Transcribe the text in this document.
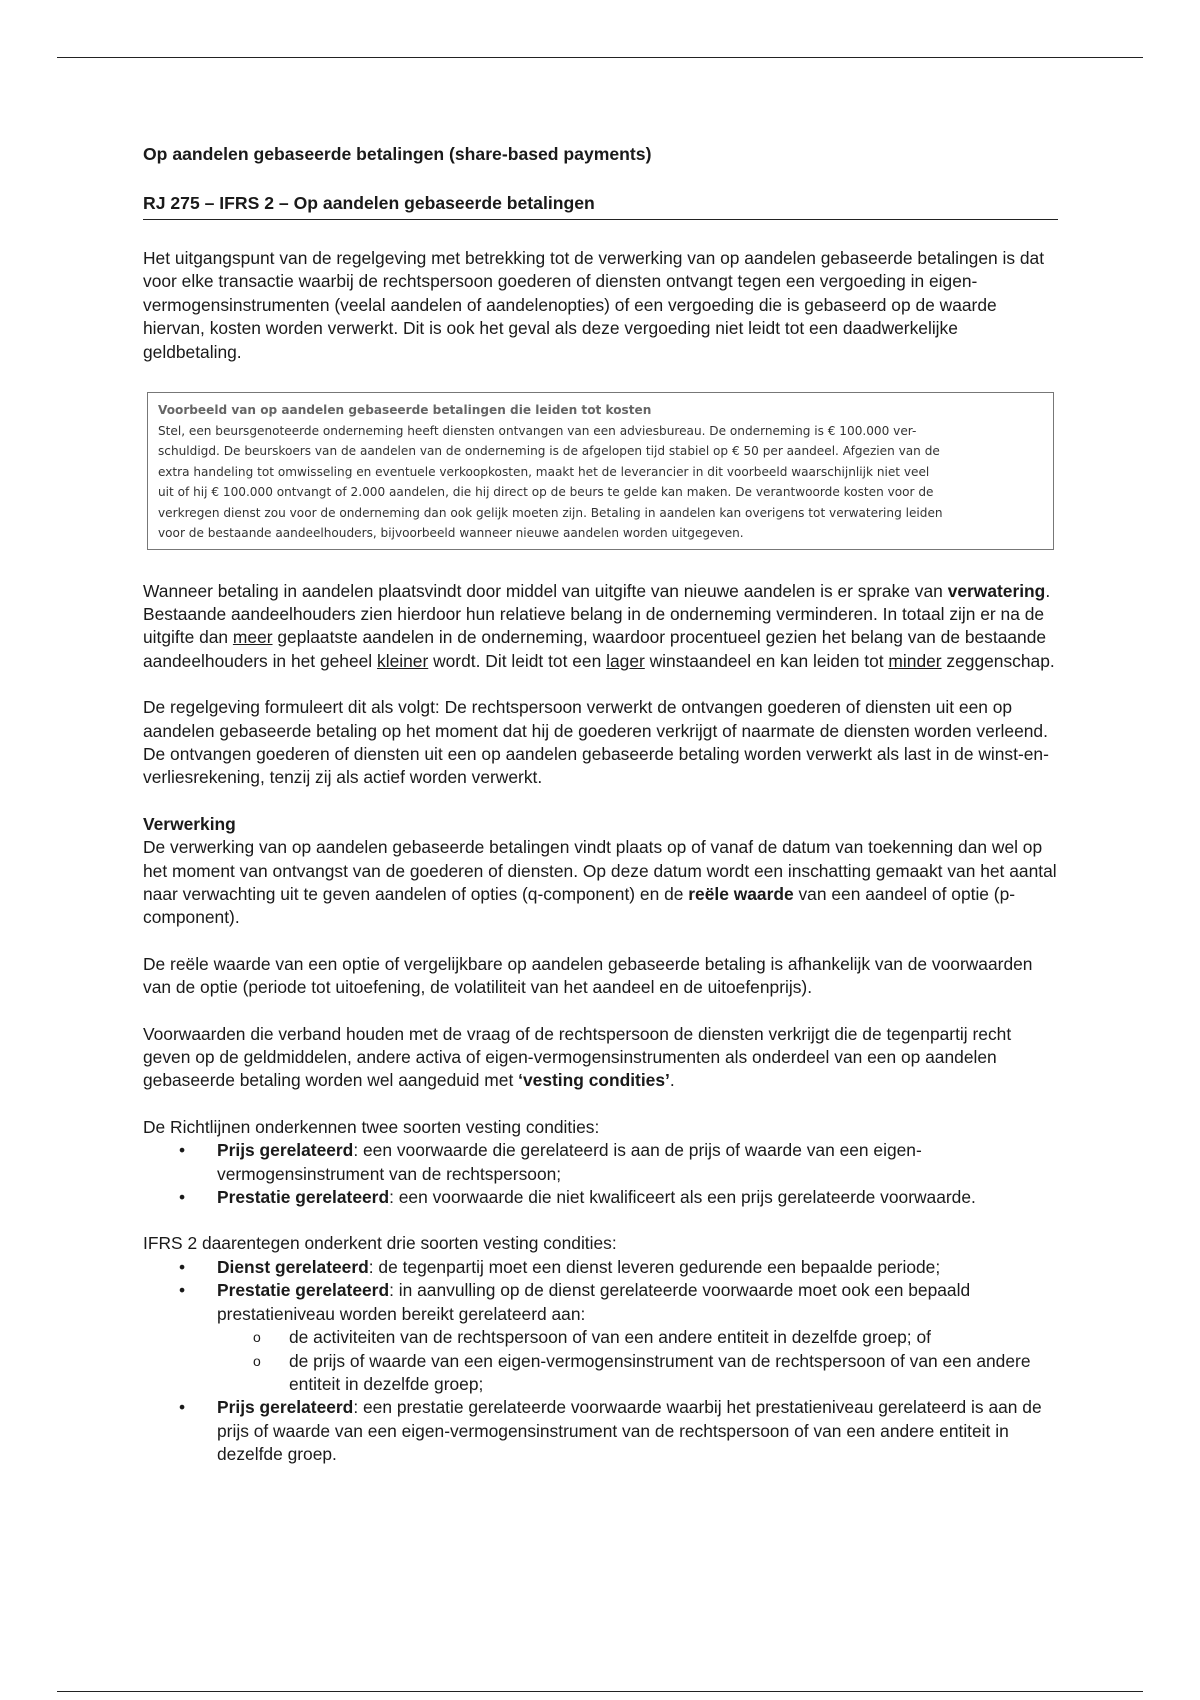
Op aandelen gebaseerde betalingen (share-based payments)

RJ 275 – IFRS 2 – Op aandelen gebaseerde betalingen

Het uitgangspunt van de regelgeving met betrekking tot de verwerking van op aandelen gebaseerde betalingen is dat voor elke transactie waarbij de rechtspersoon goederen of diensten ontvangt tegen een vergoeding in eigen-vermogensinstrumenten (veelal aandelen of aandelenopties) of een vergoeding die is gebaseerd op de waarde hiervan, kosten worden verwerkt. Dit is ook het geval als deze vergoeding niet leidt tot een daadwerkelijke geldbetaling.

Voorbeeld van op aandelen gebaseerde betalingen die leiden tot kosten
Stel, een beursgenoteerde onderneming heeft diensten ontvangen van een adviesbureau. De onderneming is € 100.000 ver-
schuldigd. De beurskoers van de aandelen van de onderneming is de afgelopen tijd stabiel op € 50 per aandeel. Afgezien van de
extra handeling tot omwisseling en eventuele verkoopkosten, maakt het de leverancier in dit voorbeeld waarschijnlijk niet veel
uit of hij € 100.000 ontvangt of 2.000 aandelen, die hij direct op de beurs te gelde kan maken. De verantwoorde kosten voor de
verkregen dienst zou voor de onderneming dan ook gelijk moeten zijn. Betaling in aandelen kan overigens tot verwatering leiden
voor de bestaande aandeelhouders, bijvoorbeeld wanneer nieuwe aandelen worden uitgegeven.

Wanneer betaling in aandelen plaatsvindt door middel van uitgifte van nieuwe aandelen is er sprake van verwatering. Bestaande aandeelhouders zien hierdoor hun relatieve belang in de onderneming verminderen. In totaal zijn er na de uitgifte dan meer geplaatste aandelen in de onderneming, waardoor procentueel gezien het belang van de bestaande aandeelhouders in het geheel kleiner wordt. Dit leidt tot een lager winstaandeel en kan leiden tot minder zeggenschap.

De regelgeving formuleert dit als volgt: De rechtspersoon verwerkt de ontvangen goederen of diensten uit een op aandelen gebaseerde betaling op het moment dat hij de goederen verkrijgt of naarmate de diensten worden verleend. De ontvangen goederen of diensten uit een op aandelen gebaseerde betaling worden verwerkt als last in de winst-en-verliesrekening, tenzij zij als actief worden verwerkt.

Verwerking

De verwerking van op aandelen gebaseerde betalingen vindt plaats op of vanaf de datum van toekenning dan wel op het moment van ontvangst van de goederen of diensten. Op deze datum wordt een inschatting gemaakt van het aantal naar verwachting uit te geven aandelen of opties (q-component) en de reële waarde van een aandeel of optie (p-component).

De reële waarde van een optie of vergelijkbare op aandelen gebaseerde betaling is afhankelijk van de voorwaarden van de optie (periode tot uitoefening, de volatiliteit van het aandeel en de uitoefenprijs).

Voorwaarden die verband houden met de vraag of de rechtspersoon de diensten verkrijgt die de tegenpartij recht geven op de geldmiddelen, andere activa of eigen-vermogensinstrumenten als onderdeel van een op aandelen gebaseerde betaling worden wel aangeduid met ‘vesting condities’.

De Richtlijnen onderkennen twee soorten vesting condities:

• Prijs gerelateerd: een voorwaarde die gerelateerd is aan de prijs of waarde van een eigen-vermogensinstrument van de rechtspersoon;
• Prestatie gerelateerd: een voorwaarde die niet kwalificeert als een prijs gerelateerde voorwaarde.

IFRS 2 daarentegen onderkent drie soorten vesting condities:

• Dienst gerelateerd: de tegenpartij moet een dienst leveren gedurende een bepaalde periode;
• Prestatie gerelateerd: in aanvulling op de dienst gerelateerde voorwaarde moet ook een bepaald prestatieniveau worden bereikt gerelateerd aan:
o de activiteiten van de rechtspersoon of van een andere entiteit in dezelfde groep; of
o de prijs of waarde van een eigen-vermogensinstrument van de rechtspersoon of van een andere entiteit in dezelfde groep;
• Prijs gerelateerd: een prestatie gerelateerde voorwaarde waarbij het prestatieniveau gerelateerd is aan de prijs of waarde van een eigen-vermogensinstrument van de rechtspersoon of van een andere entiteit in dezelfde groep.
